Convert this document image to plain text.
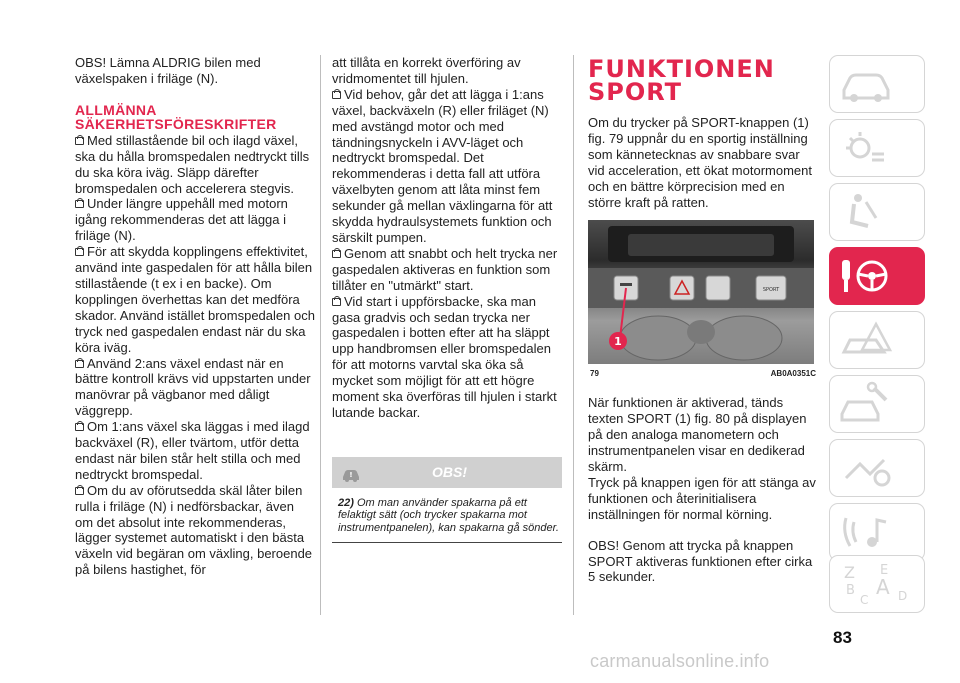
OBS! Lämna ALDRIG bilen med växelspaken i friläge (N).

ALLMÄNNA SÄKERHETSFÖRESKRIFTER

Med stillastående bil och ilagd växel, ska du hålla bromspedalen nedtryckt tills du ska köra iväg. Släpp därefter bromspedalen och accelerera stegvis.

Under längre uppehåll med motorn igång rekommenderas det att lägga i friläge (N).

För att skydda kopplingens effektivitet, använd inte gaspedalen för att hålla bilen stillastående (t ex i en backe). Om kopplingen överhettas kan det medföra skador. Använd istället bromspedalen och tryck ned gaspedalen endast när du ska köra iväg.

Använd 2:ans växel endast när en bättre kontroll krävs vid uppstarten under manövrar på vägbanor med dåligt väggrepp.

Om 1:ans växel ska läggas i med ilagd backväxel (R), eller tvärtom, utför detta endast när bilen står helt stilla och med nedtryckt bromspedal.

Om du av oförutsedda skäl låter bilen rulla i friläge (N) i nedförsbackar, även om det absolut inte rekommenderas, lägger systemet automatiskt i den bästa växeln vid begäran om växling, beroende på bilens hastighet, för

att tillåta en korrekt överföring av vridmomentet till hjulen.

Vid behov, går det att lägga i 1:ans växel, backväxeln (R) eller friläget (N) med avstängd motor och med tändningsnyckeln i AVV-läget och nedtryckt bromspedal. Det rekommenderas i detta fall att utföra växelbyten genom att låta minst fem sekunder gå mellan växlingarna för att skydda hydraulsystemets funktion och särskilt pumpen.

Genom att snabbt och helt trycka ner gaspedalen aktiveras en funktion som tillåter en "utmärkt" start.

Vid start i uppförsbacke, ska man gasa gradvis och sedan trycka ner gaspedalen i botten efter att ha släppt upp handbromsen eller bromspedalen för att motorns varvtal ska öka så mycket som möjligt för att ett högre moment ska överföras till hjulen i starkt lutande backar.

!	OBS!
22) Om man använder spakarna på ett felaktigt sätt (och trycker spakarna mot instrumentpanelen), kan spakarna gå sönder.
FUNKTIONEN
SPORT

Om du trycker på SPORT-knappen (1) fig. 79 uppnår du en sportig inställning som kännetecknas av snabbare svar vid acceleration, ett ökat motormoment och en bättre körprecision med en större kraft på ratten.

SPORT
1
79	AB0A0351C

När funktionen är aktiverad, tänds texten SPORT (1) fig. 80 på displayen på den analoga manometern och instrumentpanelen visar en dedikerad skärm.

Tryck på knappen igen för att stänga av funktionen och återinitialisera inställningen för normal körning.

OBS! Genom att trycka på knappen SPORT aktiveras funktionen efter cirka 5 sekunder.	Z E
A
B
C D
83
carmanualsonline.info
